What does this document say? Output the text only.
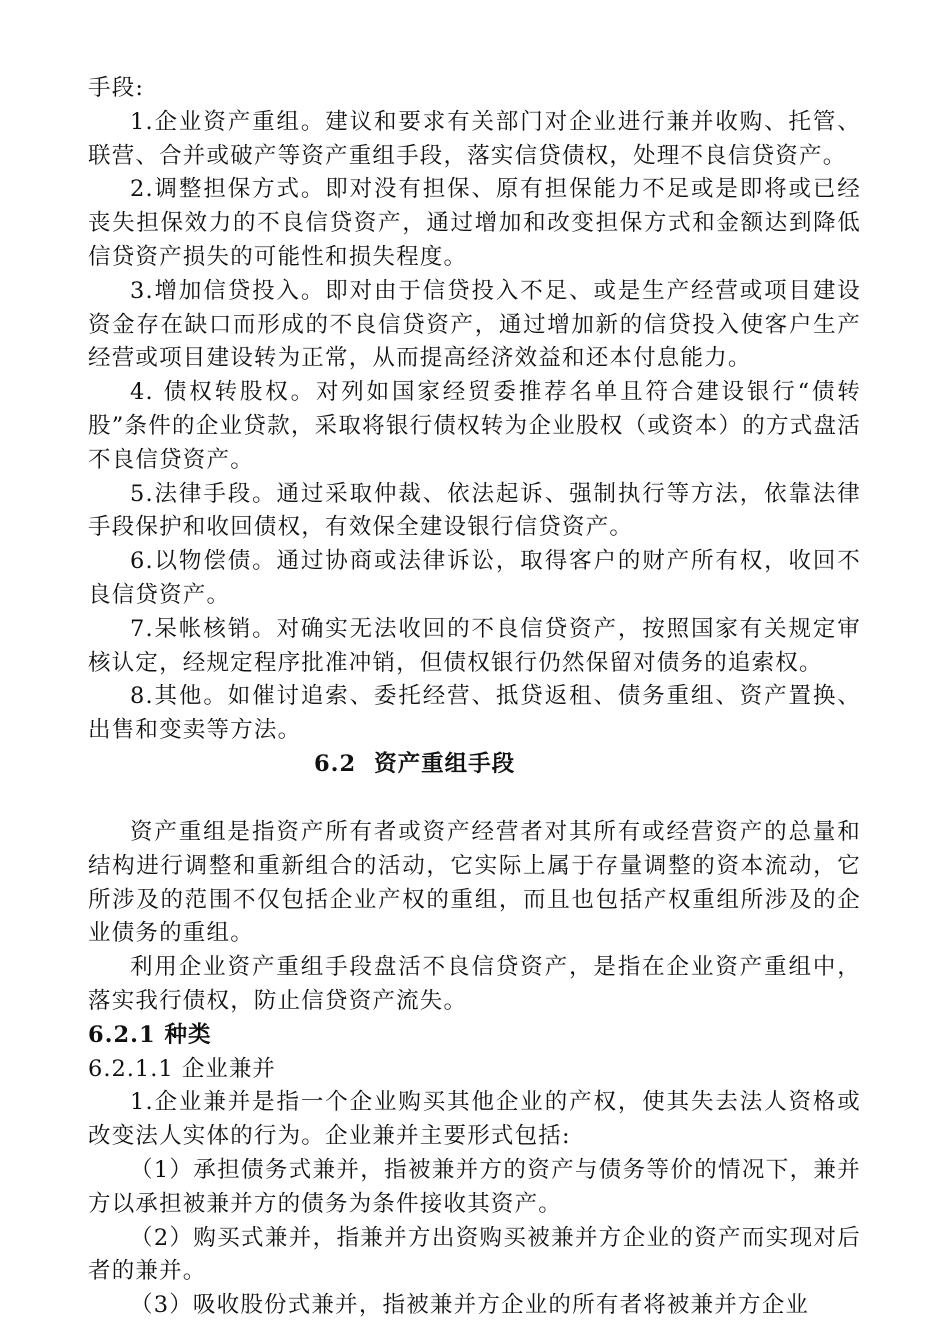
手段:

1.企业资产重组。建议和要求有关部门对企业进行兼并收购、托管、联营、合并或破产等资产重组手段，落实信贷债权，处理不良信贷资产。

2.调整担保方式。即对没有担保、原有担保能力不足或是即将或已经丧失担保效力的不良信贷资产，通过增加和改变担保方式和金额达到降低信贷资产损失的可能性和损失程度。

3.增加信贷投入。即对由于信贷投入不足、或是生产经营或项目建设资金存在缺口而形成的不良信贷资产，通过增加新的信贷投入使客户生产经营或项目建设转为正常，从而提高经济效益和还本付息能力。

4. 债权转股权。对列如国家经贸委推荐名单且符合建设银行“债转股”条件的企业贷款，采取将银行债权转为企业股权（或资本）的方式盘活不良信贷资产。

5.法律手段。通过采取仲裁、依法起诉、强制执行等方法，依靠法律手段保护和收回债权，有效保全建设银行信贷资产。

6.以物偿债。通过协商或法律诉讼，取得客户的财产所有权，收回不良信贷资产。

7.呆帐核销。对确实无法收回的不良信贷资产，按照国家有关规定审核认定，经规定程序批准冲销，但债权银行仍然保留对债务的追索权。

8.其他。如催讨追索、委托经营、抵贷返租、债务重组、资产置换、出售和变卖等方法。

6.2 资产重组手段

资产重组是指资产所有者或资产经营者对其所有或经营资产的总量和结构进行调整和重新组合的活动，它实际上属于存量调整的资本流动，它所涉及的范围不仅包括企业产权的重组，而且也包括产权重组所涉及的企业债务的重组。

利用企业资产重组手段盘活不良信贷资产，是指在企业资产重组中，落实我行债权，防止信贷资产流失。

6.2.1 种类

6.2.1.1 企业兼并

1.企业兼并是指一个企业购买其他企业的产权，使其失去法人资格或改变法人实体的行为。企业兼并主要形式包括:

（1）承担债务式兼并，指被兼并方的资产与债务等价的情况下，兼并方以承担被兼并方的债务为条件接收其资产。

（2）购买式兼并，指兼并方出资购买被兼并方企业的资产而实现对后者的兼并。

（3）吸收股份式兼并，指被兼并方企业的所有者将被兼并方企业
